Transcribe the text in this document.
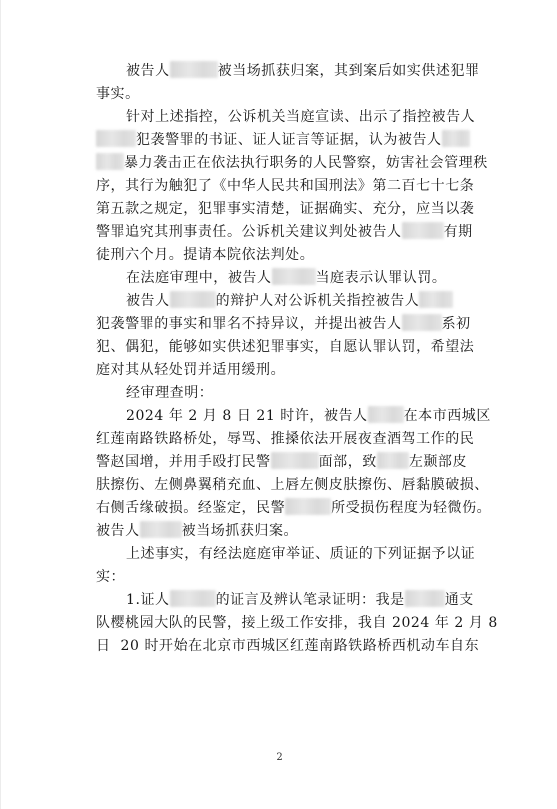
被告人	被当场抓获归案，其到案后如实供述犯罪
事实。
针对上述指控，公诉机关当庭宣读、出示了指控被告人
犯袭警罪的书证、证人证言等证据，认为被告人
暴力袭击正在依法执行职务的人民警察，妨害社会管理秩
序，其行为触犯了《中华人民共和国刑法》第二百七十七条
第五款之规定，犯罪事实清楚，证据确实、充分，应当以袭
警罪追究其刑事责任。公诉机关建议判处被告人	有期
徒刑六个月。提请本院依法判处。
在法庭审理中，被告人	当庭表示认罪认罚。
被告人	的辩护人对公诉机关指控被告人
犯袭警罪的事实和罪名不持异议，并提出被告人	系初
犯、偶犯，能够如实供述犯罪事实，自愿认罪认罚，希望法
庭对其从轻处罚并适用缓刑。
经审理查明：
2024 年 2 月 8 日 21 时许，被告人	在本市西城区
红莲南路铁路桥处，辱骂、推搡依法开展夜查酒驾工作的民
警赵国增，并用手殴打民警	面部，致 左颞部皮
肤擦伤、左侧鼻翼稍充血、上唇左侧皮肤擦伤、唇黏膜破损、
右侧舌缘破损。经鉴定，民警	所受损伤程度为轻微伤。
被告人	被当场抓获归案。
上述事实，有经法庭庭审举证、质证的下列证据予以证
实：
1.证人	的证言及辨认笔录证明：我是	通支
队樱桃园大队的民警，接上级工作安排，我自 2024 年 2 月 8
日  20 时开始在北京市西城区红莲南路铁路桥西机动车自东
2
